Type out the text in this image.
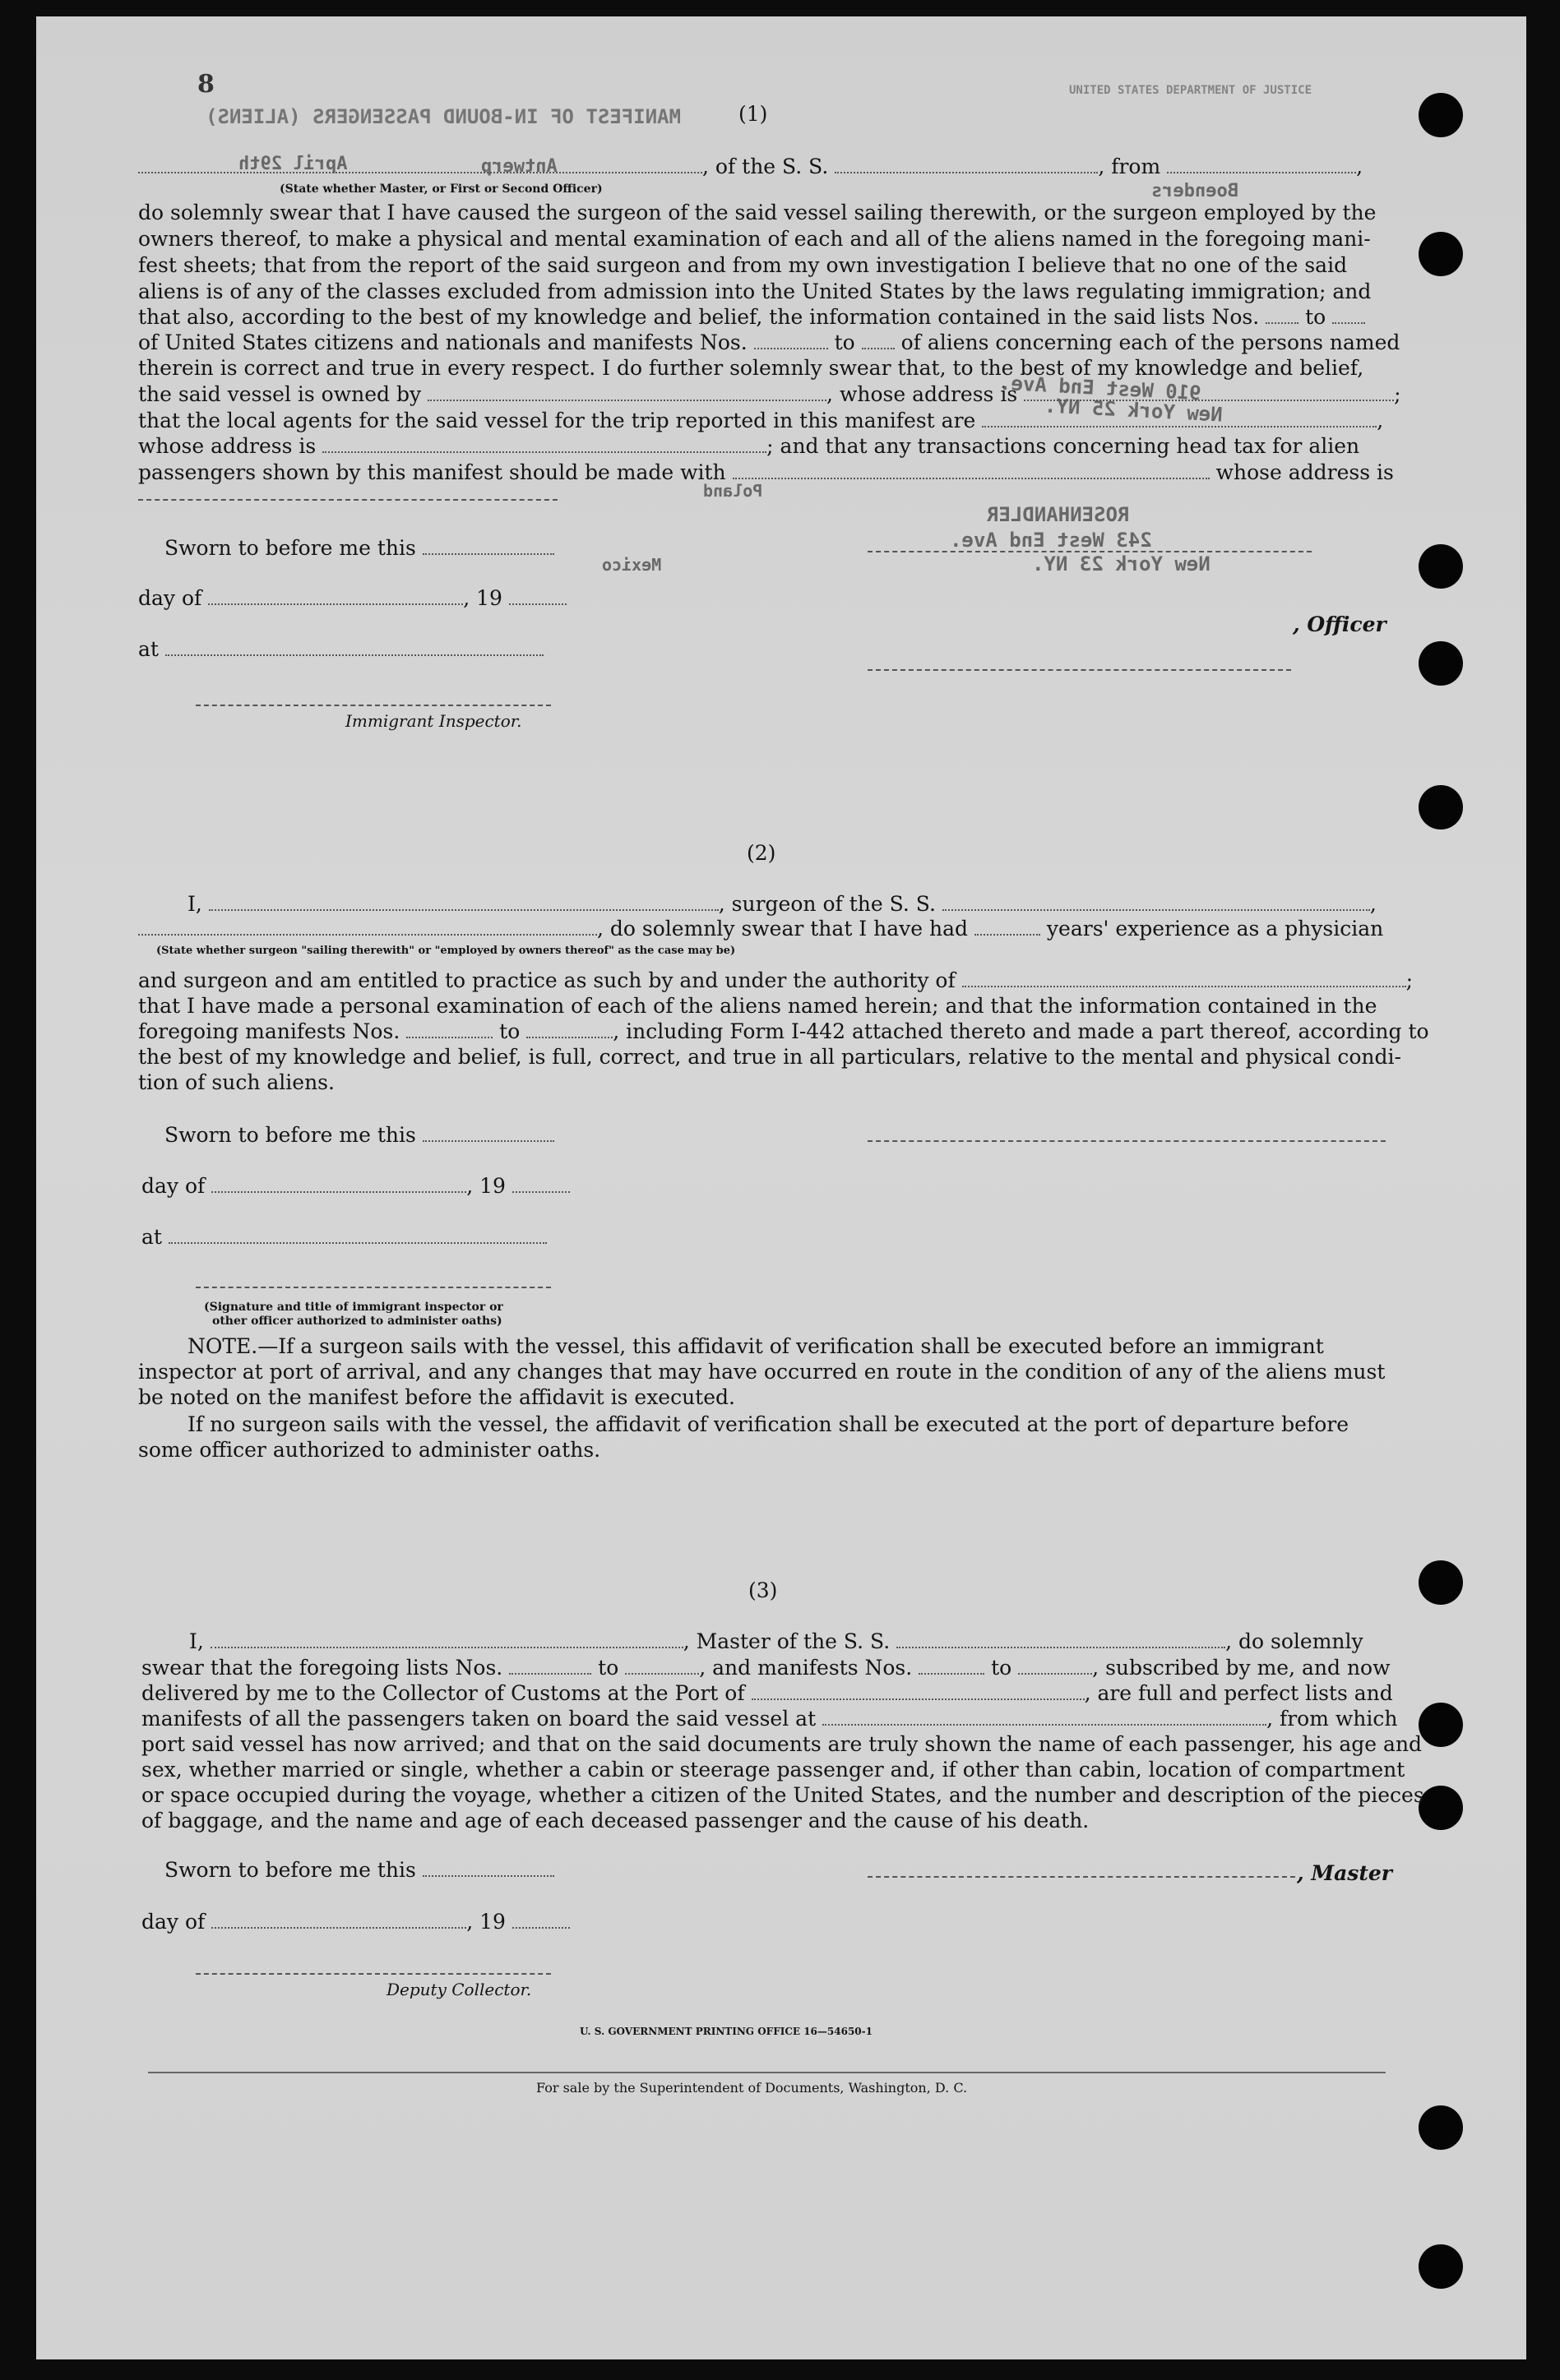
8
MANIFEST OF IN-BOUND PASSENGERS (ALIENS)
UNITED STATES DEPARTMENT OF JUSTICE
(1)
April 29th	Antwerp	, of the S. S.	, from	,
(State whether Master, or First or Second Officer)	Boenders
do solemnly swear that I have caused the surgeon of the said vessel sailing therewith, or the surgeon employed by the
owners thereof, to make a physical and mental examination of each and all of the aliens named in the foregoing mani-
fest sheets; that from the report of the said surgeon and from my own investigation I believe that no one of the said
aliens is of any of the classes excluded from admission into the United States by the laws regulating immigration; and
that also, according to the best of my knowledge and belief, the information contained in the said lists Nos. to
of United States citizens and nationals and manifests Nos.	to of aliens concerning each of the persons named
therein is correct and true in every respect. I do further solemnly swear that, to the best of my knowledge and belief,
the said vessel is owned by	, whose address is	;
that the local agents for the said vessel for the trip reported in this manifest are	,
whose address is	; and that any transactions concerning head tax for alien
passengers shown by this manifest should be made with	whose address is
910 West End Ave.
New York 25 NY.
ROSENHANDLER
243 West End Ave.
New York 23 NY.
Poland
Mexico
Sworn to before me this
day of	, 19
at
, Officer
Immigrant Inspector.
(2)
I,	, surgeon of the S. S.	,
, do solemnly swear that I have had	years' experience as a physician
(State whether surgeon "sailing therewith" or "employed by owners thereof" as the case may be)
and surgeon and am entitled to practice as such by and under the authority of	;
that I have made a personal examination of each of the aliens named herein; and that the information contained in the
foregoing manifests Nos.	to	, including Form I-442 attached thereto and made a part thereof, according to
the best of my knowledge and belief, is full, correct, and true in all particulars, relative to the mental and physical condi-
tion of such aliens.
Sworn to before me this
day of	, 19
at
(Signature and title of immigrant inspector or
other officer authorized to administer oaths)
NOTE.—If a surgeon sails with the vessel, this affidavit of verification shall be executed before an immigrant
inspector at port of arrival, and any changes that may have occurred en route in the condition of any of the aliens must
be noted on the manifest before the affidavit is executed.
If no surgeon sails with the vessel, the affidavit of verification shall be executed at the port of departure before
some officer authorized to administer oaths.
(3)
I,	, Master of the S. S.	, do solemnly
swear that the foregoing lists Nos.	to	, and manifests Nos.	to	, subscribed by me, and now
delivered by me to the Collector of Customs at the Port of	, are full and perfect lists and
manifests of all the passengers taken on board the said vessel at	, from which
port said vessel has now arrived; and that on the said documents are truly shown the name of each passenger, his age and
sex, whether married or single, whether a cabin or steerage passenger and, if other than cabin, location of compartment
or space occupied during the voyage, whether a citizen of the United States, and the number and description of the pieces
of baggage, and the name and age of each deceased passenger and the cause of his death.
Sworn to before me this	, Master
day of	, 19
Deputy Collector.
U. S. GOVERNMENT PRINTING OFFICE 16—54650-1
For sale by the Superintendent of Documents, Washington, D. C.
